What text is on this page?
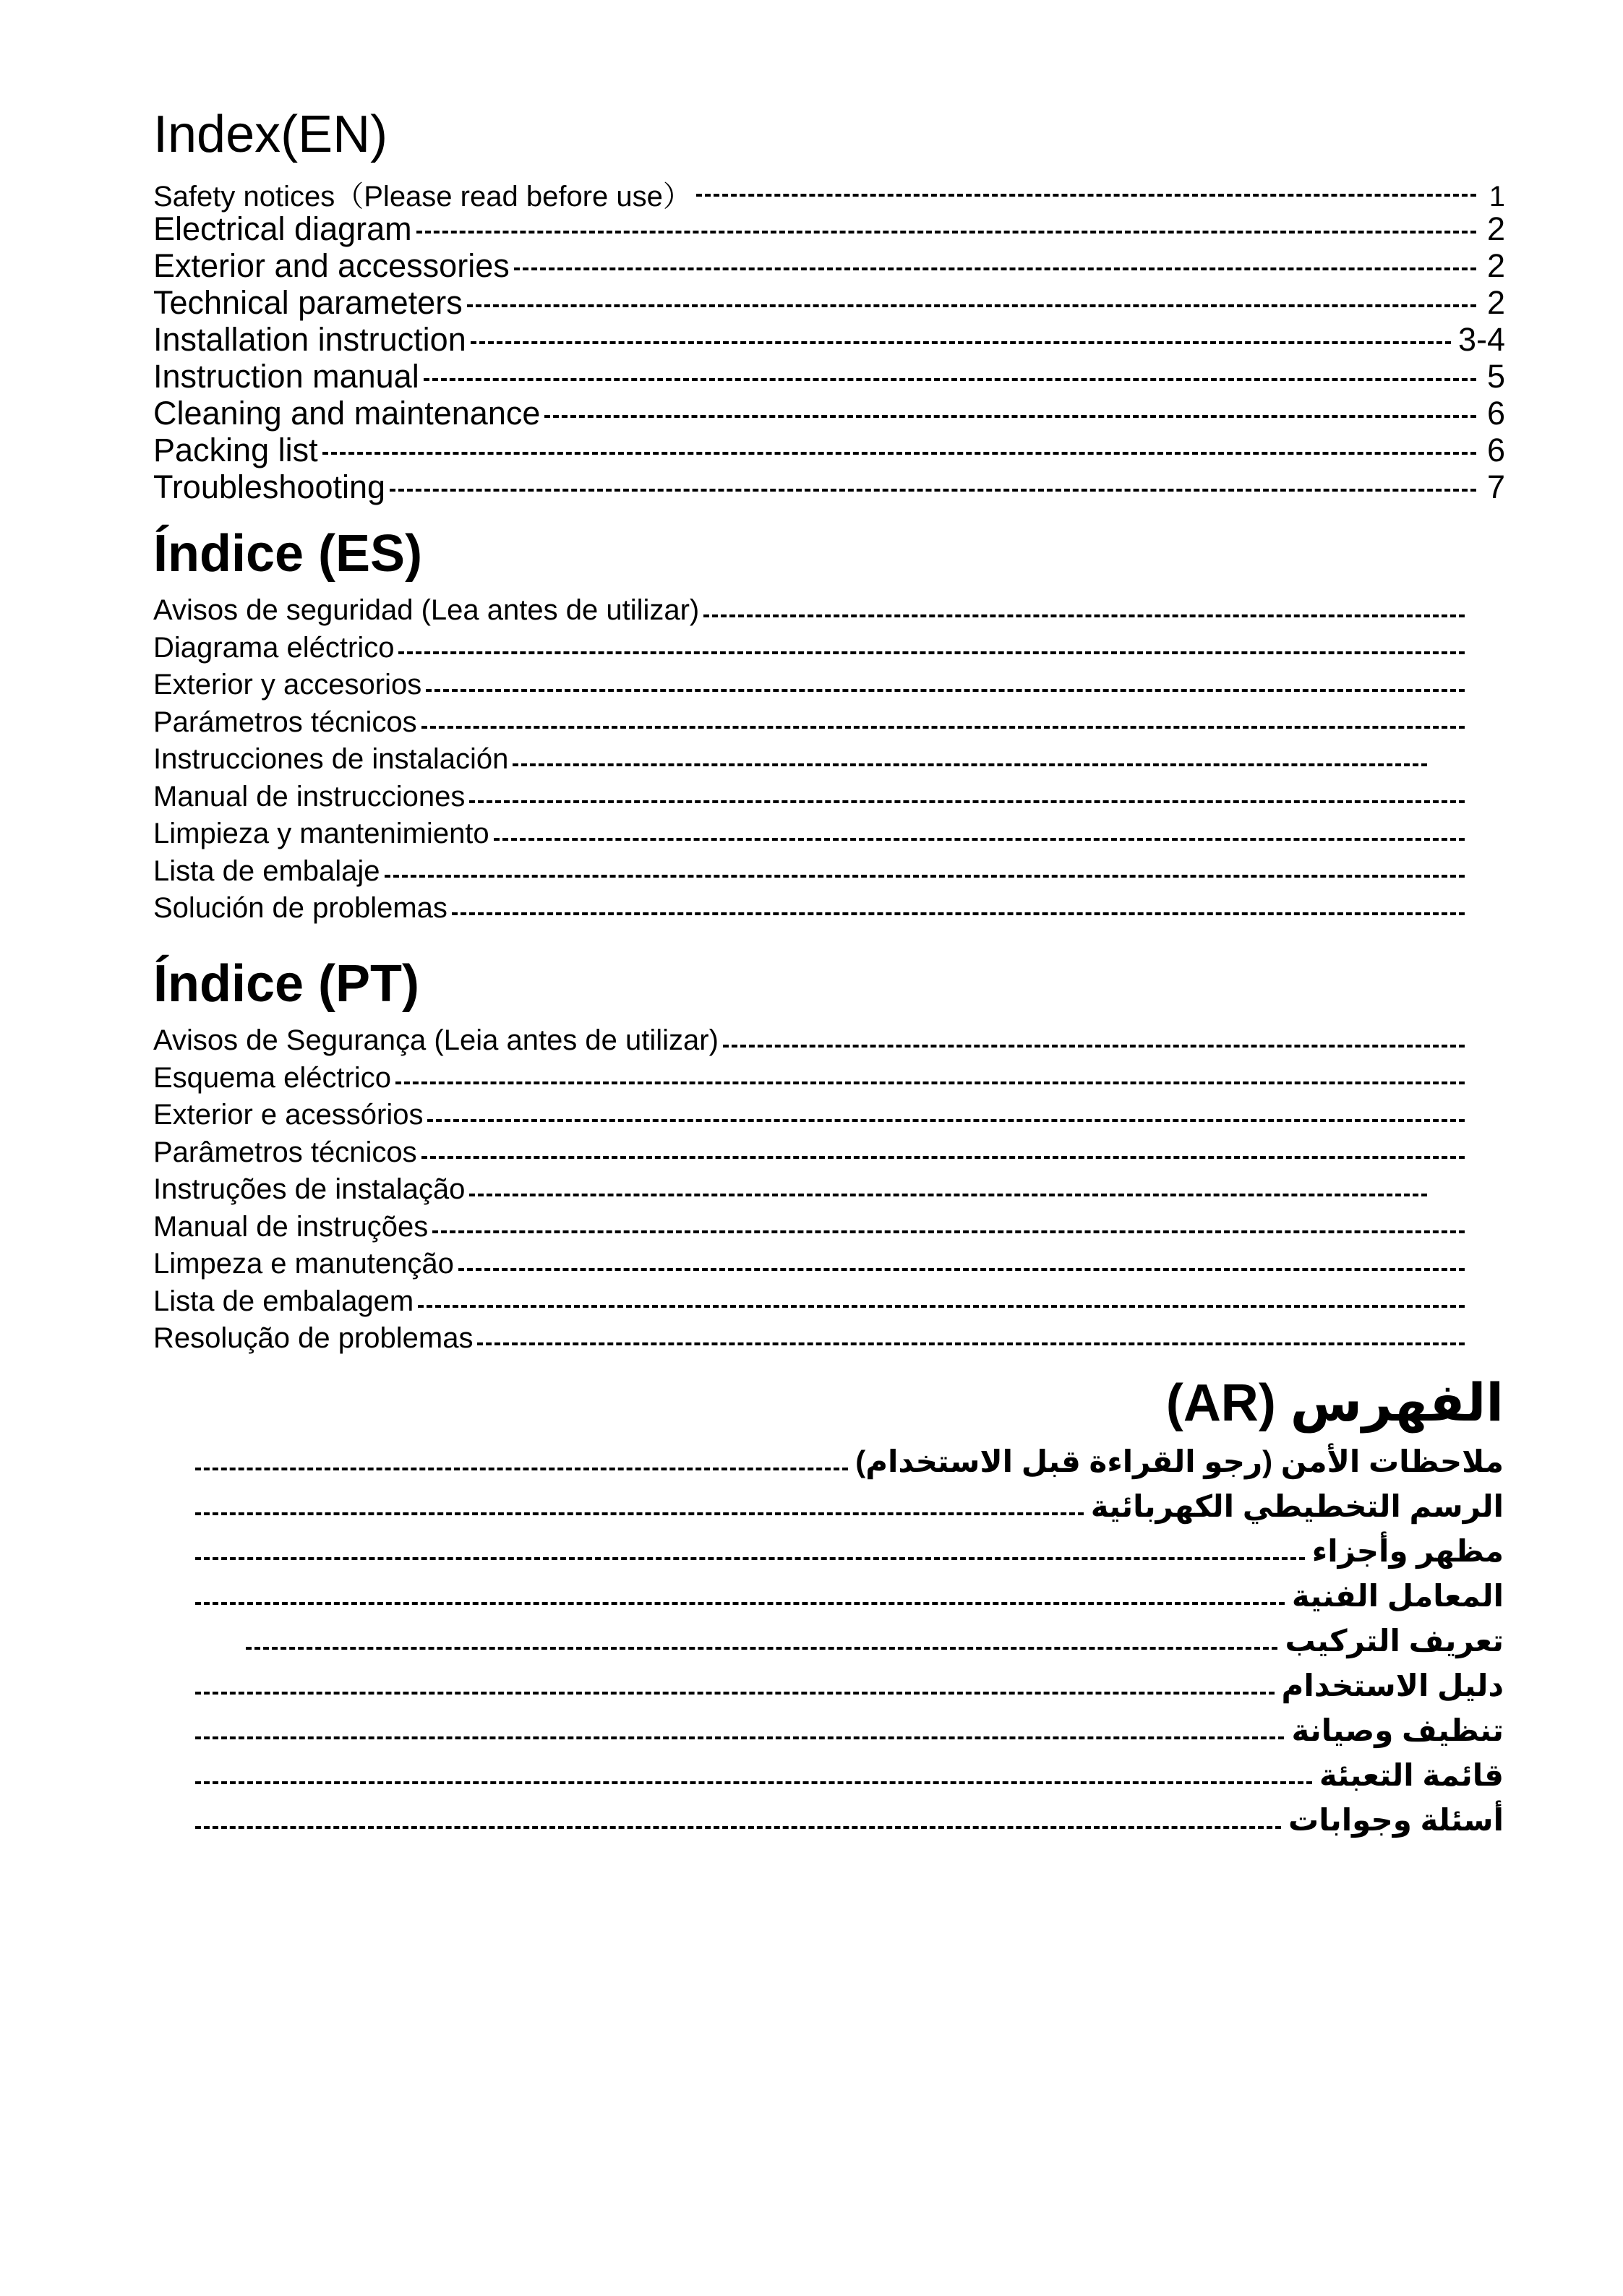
Index(EN)
Safety notices（Please read before use）	1
Electrical diagram	2
Exterior and accessories	2
Technical parameters	2
Installation instruction	3-4
Instruction manual	5
Cleaning and maintenance	6
Packing list	6
Troubleshooting	7
Índice (ES)
Avisos de seguridad (Lea antes de utilizar)
Diagrama eléctrico
Exterior y accesorios
Parámetros técnicos
Instrucciones de instalación
Manual de instrucciones
Limpieza y mantenimiento
Lista de embalaje
Solución de problemas
Índice (PT)
Avisos de Segurança (Leia antes de utilizar)
Esquema eléctrico
Exterior e acessórios
Parâmetros técnicos
Instruções de instalação
Manual de instruções
Limpeza e manutenção
Lista de embalagem
Resolução de problemas
الفهرس (AR)
ملاحظات الأمن (رجو القراءة قبل الاستخدام)
الرسم التخطيطي الكهربائية
مظهر وأجزاء
المعامل الفنية
تعريف التركيب
دليل الاستخدام
تنظيف وصيانة
قائمة التعبئة
أسئلة وجوابات
